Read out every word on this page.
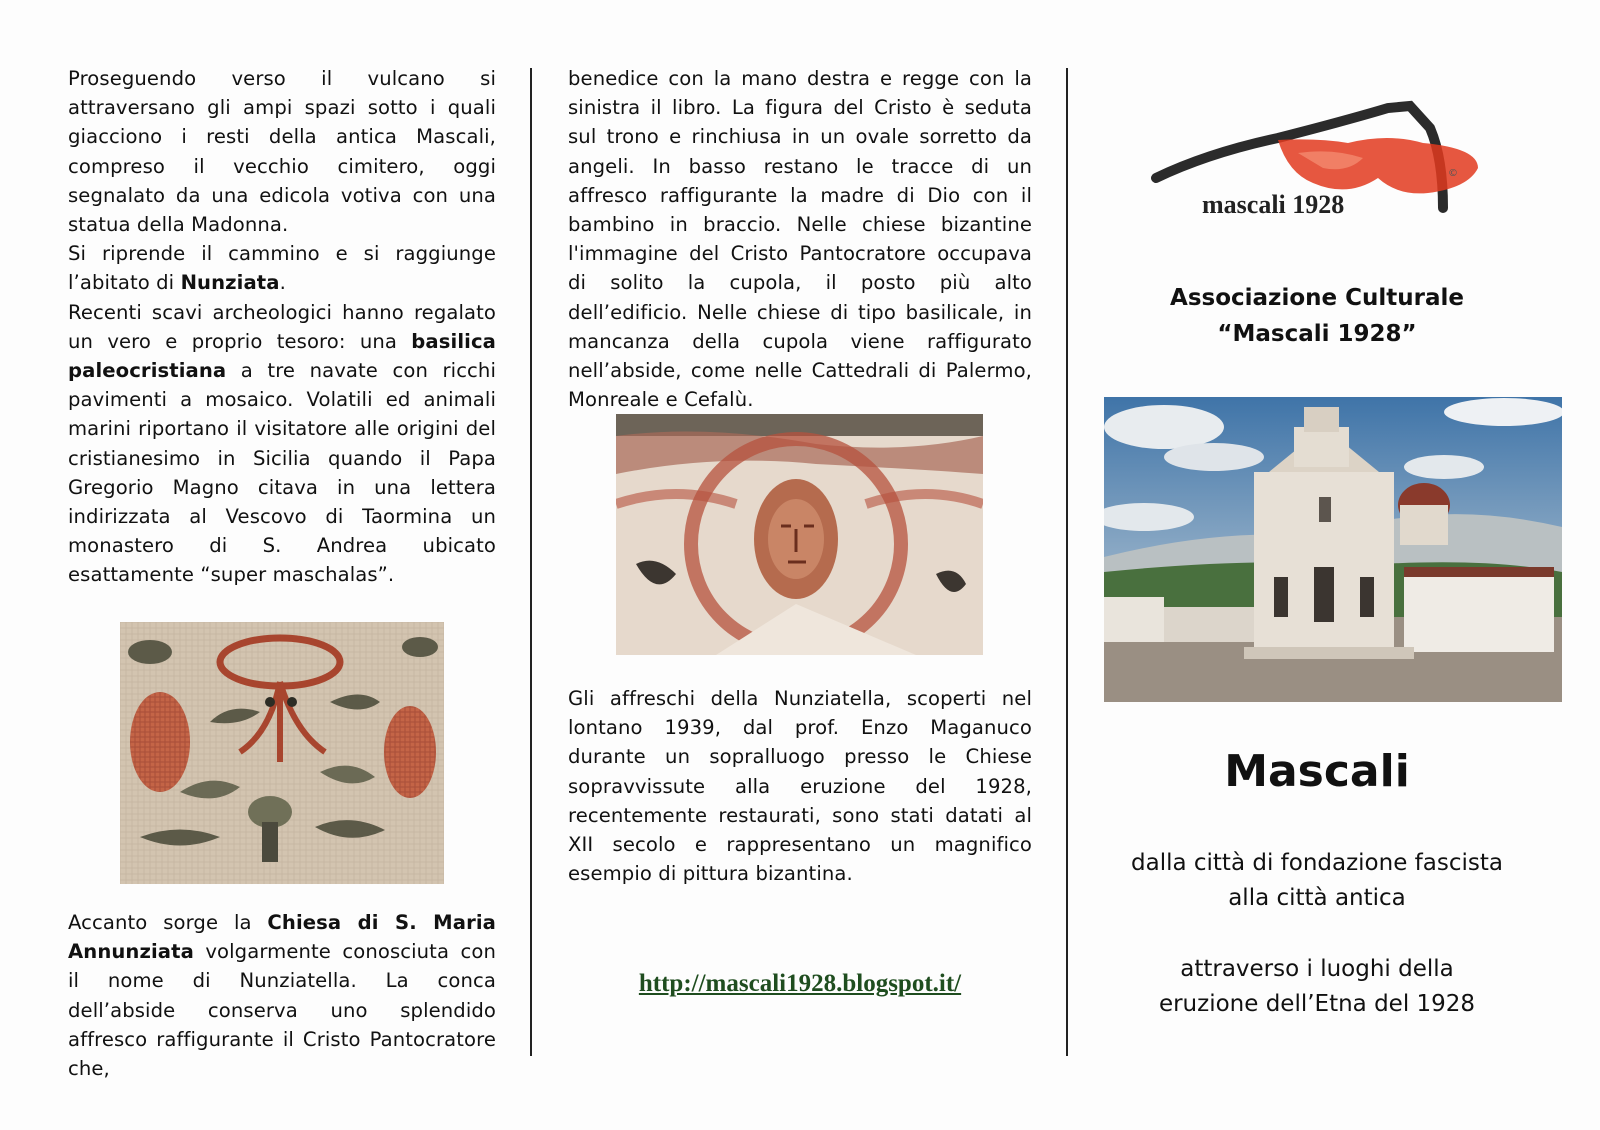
Proseguendo verso il vulcano si attraversano gli ampi spazi sotto i quali giacciono i resti della antica Mascali, compreso il vecchio cimitero, oggi segnalato da una edicola votiva con una statua della Madonna.

Si riprende il cammino e si raggiunge l’abitato di Nunziata.

Recenti scavi archeologici hanno regalato un vero e proprio tesoro: una basilica paleocristiana a tre navate con ricchi pavimenti a mosaico. Volatili ed animali marini riportano il visitatore alle origini del cristianesimo in Sicilia quando il Papa Gregorio Magno citava in una lettera indirizzata al Vescovo di Taormina un monastero di S. Andrea ubicato esattamente “super maschalas”.

Accanto sorge la Chiesa di S. Maria Annunziata volgarmente conosciuta con il nome di Nunziatella. La conca dell’abside conserva uno splendido affresco raffigurante il Cristo Pantocratore che,

benedice con la mano destra e regge con la sinistra il libro. La figura del Cristo è seduta sul trono e rinchiusa in un ovale sorretto da angeli. In basso restano le tracce di un affresco raffigurante la madre di Dio con il bambino in braccio. Nelle chiese bizantine l'immagine del Cristo Pantocratore occupava di solito la cupola, il posto più alto dell’edificio. Nelle chiese di tipo basilicale, in mancanza della cupola viene raffigurato nell’abside, come nelle Cattedrali di Palermo, Monreale e Cefalù.

Gli affreschi della Nunziatella, scoperti nel lontano 1939, dal prof. Enzo Maganuco durante un sopralluogo presso le Chiese sopravvissute alla eruzione del 1928, recentemente restaurati, sono stati datati al XII secolo e rappresentano un magnifico esempio di pittura bizantina.

http://mascali1928.blogspot.it/
©
mascali 1928
Associazione Culturale
“Mascali 1928”
Mascali
dalla città di fondazione fascista
alla città antica
attraverso i luoghi della
eruzione dell’Etna del 1928
